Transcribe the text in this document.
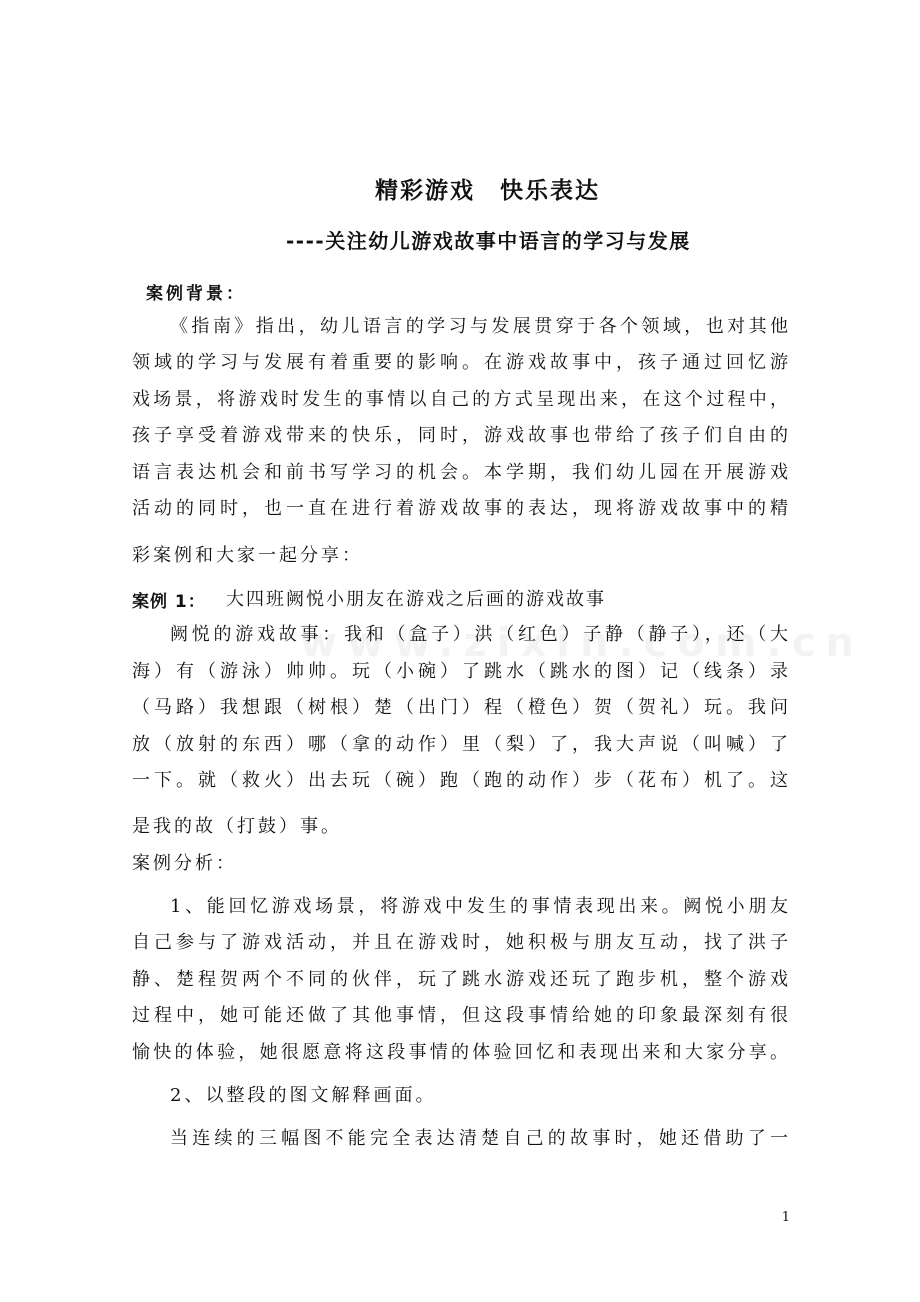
精彩游戏　快乐表达
----关注幼儿游戏故事中语言的学习与发展
案例背景：
《指南》指出，幼儿语言的学习与发展贯穿于各个领域，也对其他
领域的学习与发展有着重要的影响。在游戏故事中，孩子通过回忆游
戏场景，将游戏时发生的事情以自己的方式呈现出来，在这个过程中，
孩子享受着游戏带来的快乐，同时，游戏故事也带给了孩子们自由的
语言表达机会和前书写学习的机会。本学期，我们幼儿园在开展游戏
活动的同时，也一直在进行着游戏故事的表达，现将游戏故事中的精
彩案例和大家一起分享：
案例 1： 大四班阙悦小朋友在游戏之后画的游戏故事
阙悦的游戏故事：我和（盒子）洪（红色）子静（静子），还（大
海）有（游泳）帅帅。玩（小碗）了跳水（跳水的图）记（线条）录
（马路）我想跟（树根）楚（出门）程（橙色）贺（贺礼）玩。我问
放（放射的东西）哪（拿的动作）里（梨）了，我大声说（叫喊）了
一下。就（救火）出去玩（碗）跑（跑的动作）步（花布）机了。这
是我的故（打鼓）事。
案例分析：
1、能回忆游戏场景，将游戏中发生的事情表现出来。阙悦小朋友
自己参与了游戏活动，并且在游戏时，她积极与朋友互动，找了洪子
静、楚程贺两个不同的伙伴，玩了跳水游戏还玩了跑步机，整个游戏
过程中，她可能还做了其他事情，但这段事情给她的印象最深刻有很
愉快的体验，她很愿意将这段事情的体验回忆和表现出来和大家分享。
2、以整段的图文解释画面。
当连续的三幅图不能完全表达清楚自己的故事时，她还借助了一
1
